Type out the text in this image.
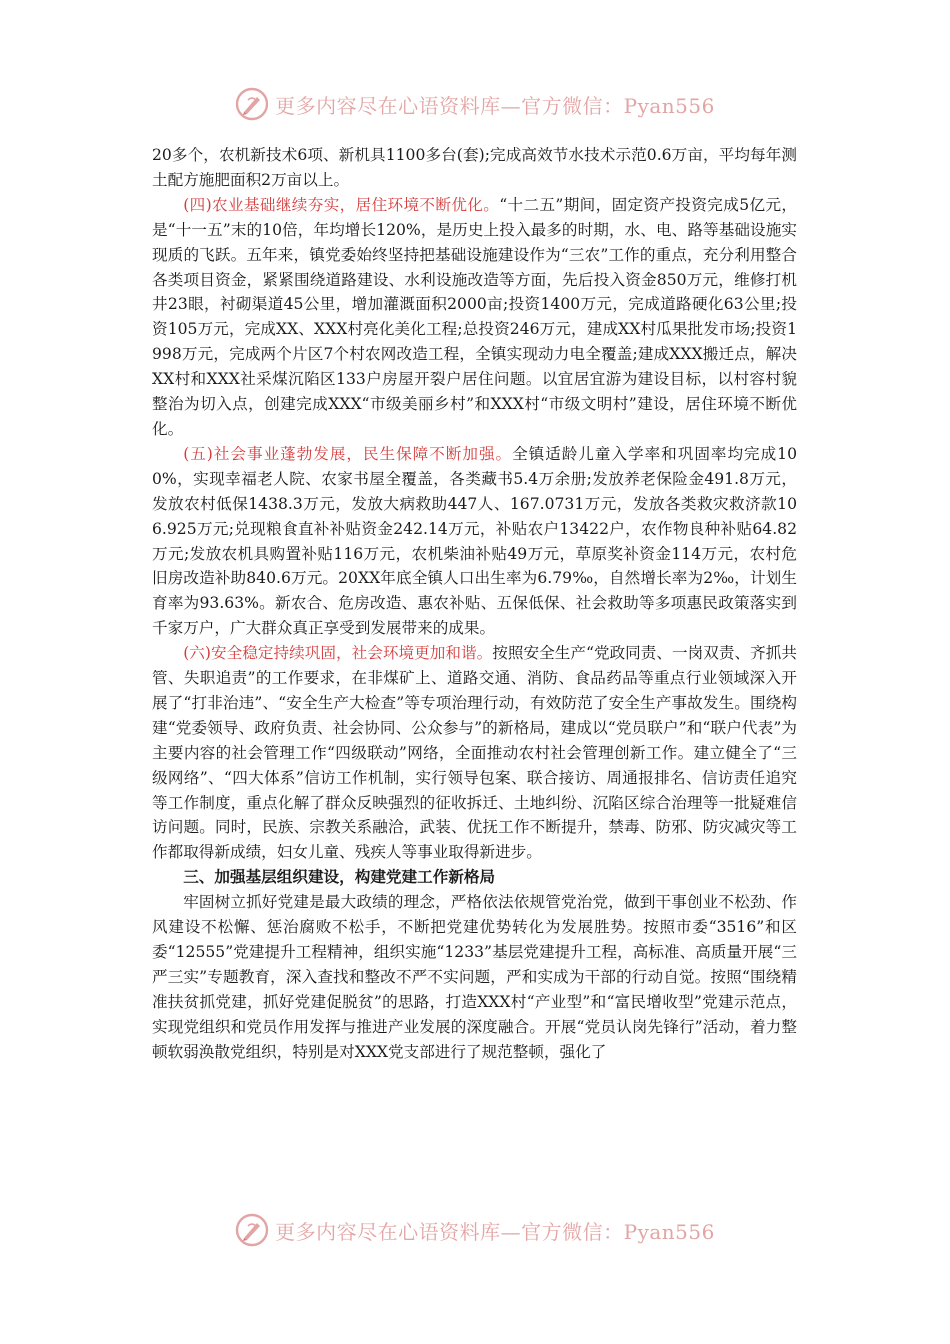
更多内容尽在心语资料库—官方微信：Pyan556

20多个，农机新技术6项、新机具1100多台(套);完成高效节水技术示范0.6万亩，平均每年测土配方施肥面积2万亩以上。

(四)农业基础继续夯实，居住环境不断优化。“十二五”期间，固定资产投资完成5亿元，是“十一五”末的10倍，年均增长120%，是历史上投入最多的时期，水、电、路等基础设施实现质的飞跃。五年来，镇党委始终坚持把基础设施建设作为“三农”工作的重点，充分利用整合各类项目资金，紧紧围绕道路建设、水利设施改造等方面，先后投入资金850万元，维修打机井23眼，衬砌渠道45公里，增加灌溉面积2000亩;投资1400万元，完成道路硬化63公里;投资105万元，完成XX、XXX村亮化美化工程;总投资246万元，建成XX村瓜果批发市场;投资1998万元，完成两个片区7个村农网改造工程，全镇实现动力电全覆盖;建成XXX搬迁点，解决XX村和XXX社采煤沉陷区133户房屋开裂户居住问题。以宜居宜游为建设目标，以村容村貌整治为切入点，创建完成XXX“市级美丽乡村”和XXX村“市级文明村”建设，居住环境不断优化。

(五)社会事业蓬勃发展，民生保障不断加强。全镇适龄儿童入学率和巩固率均完成100%，实现幸福老人院、农家书屋全覆盖，各类藏书5.4万余册;发放养老保险金491.8万元，发放农村低保1438.3万元，发放大病救助447人、167.0731万元，发放各类救灾救济款106.925万元;兑现粮食直补补贴资金242.14万元，补贴农户13422户，农作物良种补贴64.82万元;发放农机具购置补贴116万元，农机柴油补贴49万元，草原奖补资金114万元，农村危旧房改造补助840.6万元。20XX年底全镇人口出生率为6.79‰，自然增长率为2‰，计划生育率为93.63%。新农合、危房改造、惠农补贴、五保低保、社会救助等多项惠民政策落实到千家万户，广大群众真正享受到发展带来的成果。

(六)安全稳定持续巩固，社会环境更加和谐。按照安全生产“党政同责、一岗双责、齐抓共管、失职追责”的工作要求，在非煤矿上、道路交通、消防、食品药品等重点行业领域深入开展了“打非治违”、“安全生产大检查”等专项治理行动，有效防范了安全生产事故发生。围绕构建“党委领导、政府负责、社会协同、公众参与”的新格局，建成以“党员联户”和“联户代表”为主要内容的社会管理工作“四级联动”网络，全面推动农村社会管理创新工作。建立健全了“三级网络”、“四大体系”信访工作机制，实行领导包案、联合接访、周通报排名、信访责任追究等工作制度，重点化解了群众反映强烈的征收拆迁、土地纠纷、沉陷区综合治理等一批疑难信访问题。同时，民族、宗教关系融洽，武装、优抚工作不断提升，禁毒、防邪、防灾减灾等工作都取得新成绩，妇女儿童、残疾人等事业取得新进步。

三、加强基层组织建设，构建党建工作新格局

牢固树立抓好党建是最大政绩的理念，严格依法依规管党治党，做到干事创业不松劲、作风建设不松懈、惩治腐败不松手，不断把党建优势转化为发展胜势。按照市委“3516”和区委“12555”党建提升工程精神，组织实施“1233”基层党建提升工程，高标准、高质量开展“三严三实”专题教育，深入查找和整改不严不实问题，严和实成为干部的行动自觉。按照“围绕精准扶贫抓党建，抓好党建促脱贫”的思路，打造XXX村“产业型”和“富民增收型”党建示范点，实现党组织和党员作用发挥与推进产业发展的深度融合。开展“党员认岗先锋行”活动，着力整顿软弱涣散党组织，特别是对XXX党支部进行了规范整顿，强化了

更多内容尽在心语资料库—官方微信：Pyan556
